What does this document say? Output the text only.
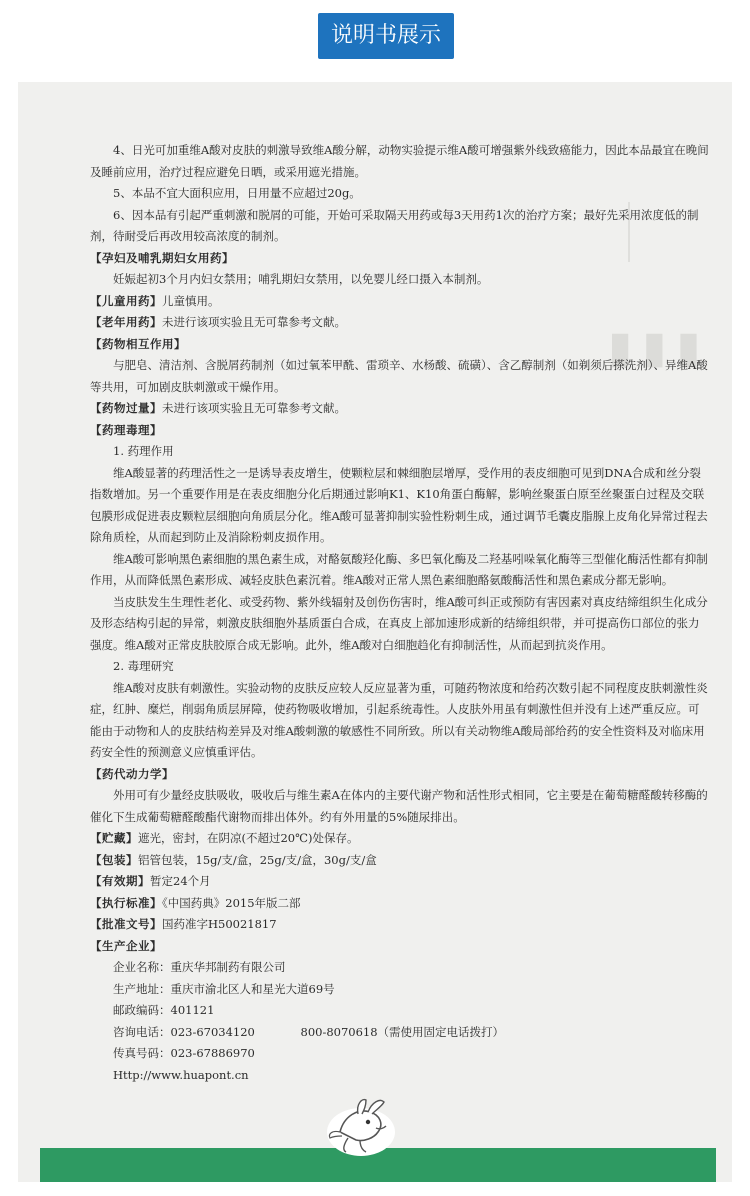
说明书展示
▮▮▮

4、日光可加重维A酸对皮肤的刺激导致维A酸分解，动物实验提示维A酸可增强紫外线致癌能力，因此本品最宜在晚间及睡前应用，治疗过程应避免日晒，或采用遮光措施。

5、本品不宜大面积应用，日用量不应超过20g。

6、因本品有引起严重刺激和脱屑的可能，开始可采取隔天用药或每3天用药1次的治疗方案；最好先采用浓度低的制剂，待耐受后再改用较高浓度的制剂。

【孕妇及哺乳期妇女用药】

妊娠起初3个月内妇女禁用；哺乳期妇女禁用，以免婴儿经口摄入本制剂。

【儿童用药】儿童慎用。

【老年用药】未进行该项实验且无可靠参考文献。

【药物相互作用】

与肥皂、清洁剂、含脱屑药制剂（如过氧苯甲酰、雷琐辛、水杨酸、硫磺）、含乙醇制剂（如剃须后搽洗剂）、异维A酸等共用，可加剧皮肤刺激或干燥作用。

【药物过量】未进行该项实验且无可靠参考文献。

【药理毒理】

1. 药理作用

维A酸显著的药理活性之一是诱导表皮增生，使颗粒层和棘细胞层增厚，受作用的表皮细胞可见到DNA合成和丝分裂指数增加。另一个重要作用是在表皮细胞分化后期通过影响K1、K10角蛋白酶解，影响丝聚蛋白原至丝聚蛋白过程及交联包膜形成促进表皮颗粒层细胞向角质层分化。维A酸可显著抑制实验性粉刺生成，通过调节毛囊皮脂腺上皮角化异常过程去除角质栓，从而起到防止及消除粉刺皮损作用。

维A酸可影响黑色素细胞的黑色素生成，对酪氨酸羟化酶、多巴氧化酶及二羟基吲哚氧化酶等三型催化酶活性都有抑制作用，从而降低黑色素形成、减轻皮肤色素沉着。维A酸对正常人黑色素细胞酪氨酸酶活性和黑色素成分都无影响。

当皮肤发生生理性老化、或受药物、紫外线辐射及创伤伤害时，维A酸可纠正或预防有害因素对真皮结缔组织生化成分及形态结构引起的异常，刺激皮肤细胞外基质蛋白合成，在真皮上部加速形成新的结缔组织带，并可提高伤口部位的张力强度。维A酸对正常皮肤胶原合成无影响。此外，维A酸对白细胞趋化有抑制活性，从而起到抗炎作用。

2. 毒理研究

维A酸对皮肤有刺激性。实验动物的皮肤反应较人反应显著为重，可随药物浓度和给药次数引起不同程度皮肤刺激性炎症，红肿、糜烂，削弱角质层屏障，使药物吸收增加，引起系统毒性。人皮肤外用虽有刺激性但并没有上述严重反应。可能由于动物和人的皮肤结构差异及对维A酸刺激的敏感性不同所致。所以有关动物维A酸局部给药的安全性资料及对临床用药安全性的预测意义应慎重评估。

【药代动力学】

外用可有少量经皮肤吸收，吸收后与维生素A在体内的主要代谢产物和活性形式相同，它主要是在葡萄糖醛酸转移酶的催化下生成葡萄糖醛酸酯代谢物而排出体外。约有外用量的5%随尿排出。

【贮藏】遮光，密封，在阴凉(不超过20℃)处保存。

【包装】铝管包装，15g/支/盒，25g/支/盒，30g/支/盒

【有效期】暂定24个月

【执行标准】《中国药典》2015年版二部

【批准文号】国药准字H50021817

【生产企业】

企业名称：重庆华邦制药有限公司

生产地址：重庆市渝北区人和星光大道69号

邮政编码：401121

咨询电话：023-67034120	800-8070618（需使用固定电话拨打）

传真号码：023-67886970

Http://www.huapont.cn
